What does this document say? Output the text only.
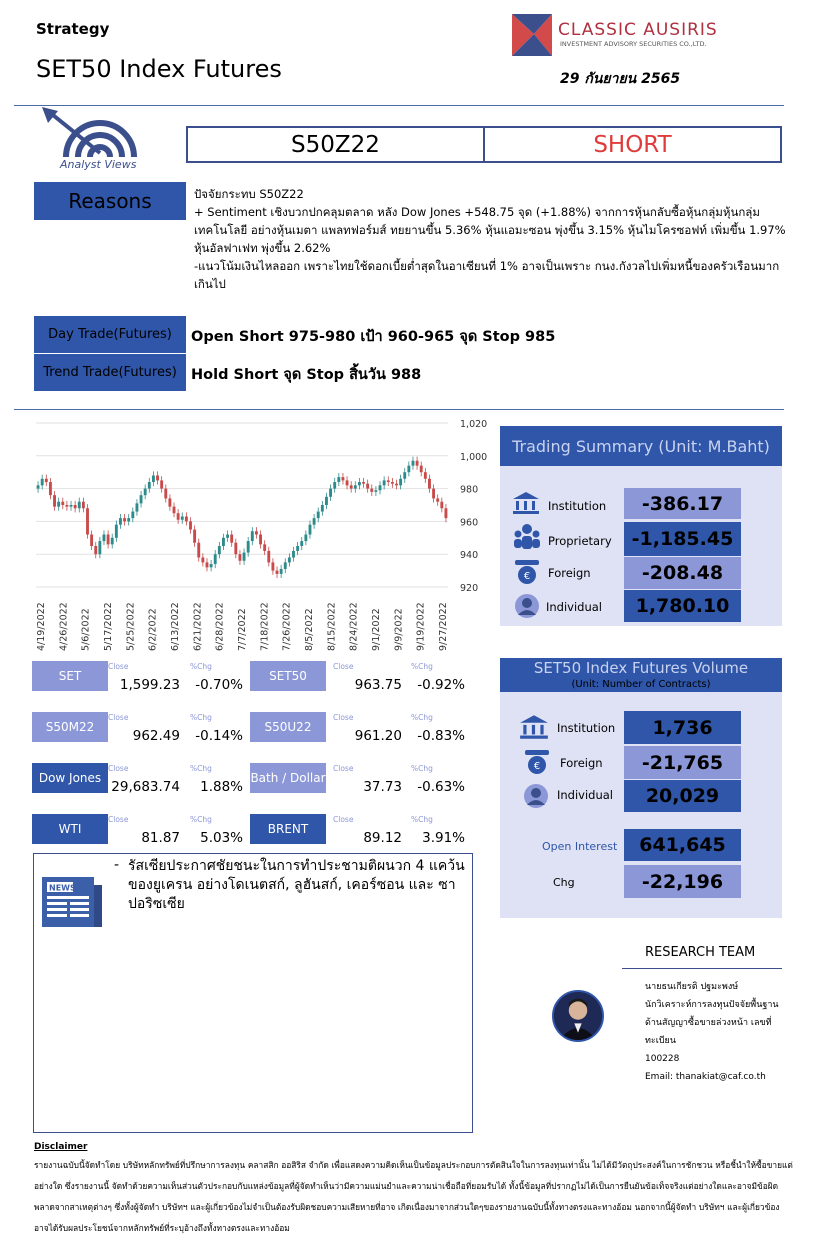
Strategy
SET50 Index Futures
CLASSIC AUSIRIS
INVESTMENT ADVISORY SECURITIES CO.,LTD.
29 กันยายน 2565
Analyst Views
S50Z22	SHORT
Reasons	ปัจจัยกระทบ S50Z22
+ Sentiment เชิงบวกปกคลุมตลาด หลัง Dow Jones +548.75 จุด (+1.88%) จากการหุ้นกลับซื้อหุ้นกลุ่มหุ้นกลุ่มเทคโนโลยี อย่างหุ้นเมตา แพลทฟอร์มส์ ทยยานขึ้น 5.36% หุ้นแอมะซอน พุ่งขึ้น 3.15% หุ้นไมโครซอฟท์ เพิ่มขึ้น 1.97% หุ้นอัลฟาเฟท พุ่งขึ้น 2.62%
-แนวโน้มเงินไหลออก เพราะไทยใช้ดอกเบี้ยต่ำสุดในอาเซียนที่ 1% อาจเป็นเพราะ กนง.กังวลไปเพิ่มหนี้ของครัวเรือนมากเกินไป
Day Trade(Futures)	Open Short 975-980 เป้า 960-965 จุด Stop 985
Trend Trade(Futures) Hold Short จุด Stop สิ้นวัน 988
1,020
1,000
980
960
940
920
4/19/2022 4/26/2022 5/6/2022 5/17/2022 5/25/2022 6/2/2022 6/13/2022 6/21/2022 6/28/2022 7/7/2022 7/18/2022 7/26/2022 8/5/2022 8/15/2022 8/24/2022 9/1/2022 9/9/2022 9/19/2022 9/27/2022
Trading Summary (Unit: M.Baht)
Institution	-386.17
Proprietary	-1,185.45
€ Foreign	-208.48
Individual	1,780.10
SET50 Index Futures Volume
(Unit: Number of Contracts)
Institution	1,736
€ Foreign	-21,765
Individual	20,029
Open Interest	641,645
Chg	-22,196
SET
Close	%Chg
1,599.23	-0.70%
SET50
Close	%Chg
963.75	-0.92%
S50M22
Close	%Chg
962.49	-0.14%
S50U22
Close	%Chg
961.20	-0.83%
Dow Jones
Close	%Chg
29,683.74	1.88%
Bath / Dollar
Close	%Chg
37.73	-0.63%
WTI
Close	%Chg
81.87	5.03%
BRENT
Close	%Chg
89.12	3.91%
NEWS
- รัสเซียประกาศชัยชนะในการทำประชามติผนวก 4 แคว้นของยูเครน อย่างโดเนตสก์, ลูฮันสก์, เคอร์ซอน และ ซาปอริซเซีย
RESEARCH TEAM
นายธนเกียรติ ปฐมะพงษ์
นักวิเคราะห์การลงทุนปัจจัยพื้นฐานด้านสัญญาซื้อขายล่วงหน้า เลขที่ทะเบียน
100228
Email: thanakiat@caf.co.th
Disclaimer
รายงานฉบับนี้จัดทำโดย บริษัทหลักทรัพย์ที่ปรึกษาการลงทุน คลาสสิก ออสิริส จำกัด เพื่อแสดงความคิดเห็นเป็นข้อมูลประกอบการตัดสินใจในการลงทุนเท่านั้น ไม่ได้มีวัตถุประสงค์ในการชักชวน หรือชี้นำให้ซื้อขายแต่อย่างใด ซึ่งรายงานนี้ จัดทำด้วยความเห็นส่วนตัวประกอบกับแหล่งข้อมูลที่ผู้จัดทำเห็นว่ามีความแม่นยำและความน่าเชื่อถือที่ยอมรับได้ ทั้งนี้ข้อมูลที่ปรากฏไม่ได้เป็นการยืนยันข้อเท็จจริงแต่อย่างใดและอาจมีข้อผิดพลาดจากสาเหตุต่างๆ ซึ่งทั้งผู้จัดทำ บริษัทฯ และผู้เกี่ยวข้องไม่จำเป็นต้องรับผิดชอบความเสียหายที่อาจ เกิดเนื่องมาจากส่วนใดๆของรายงานฉบับนี้ทั้งทางตรงและทางอ้อม นอกจากนี้ผู้จัดทำ บริษัทฯ และผู้เกี่ยวข้อง อาจได้รับผลประโยชน์จากหลักทรัพย์ที่ระบุอ้างถึงทั้งทางตรงและทางอ้อม
